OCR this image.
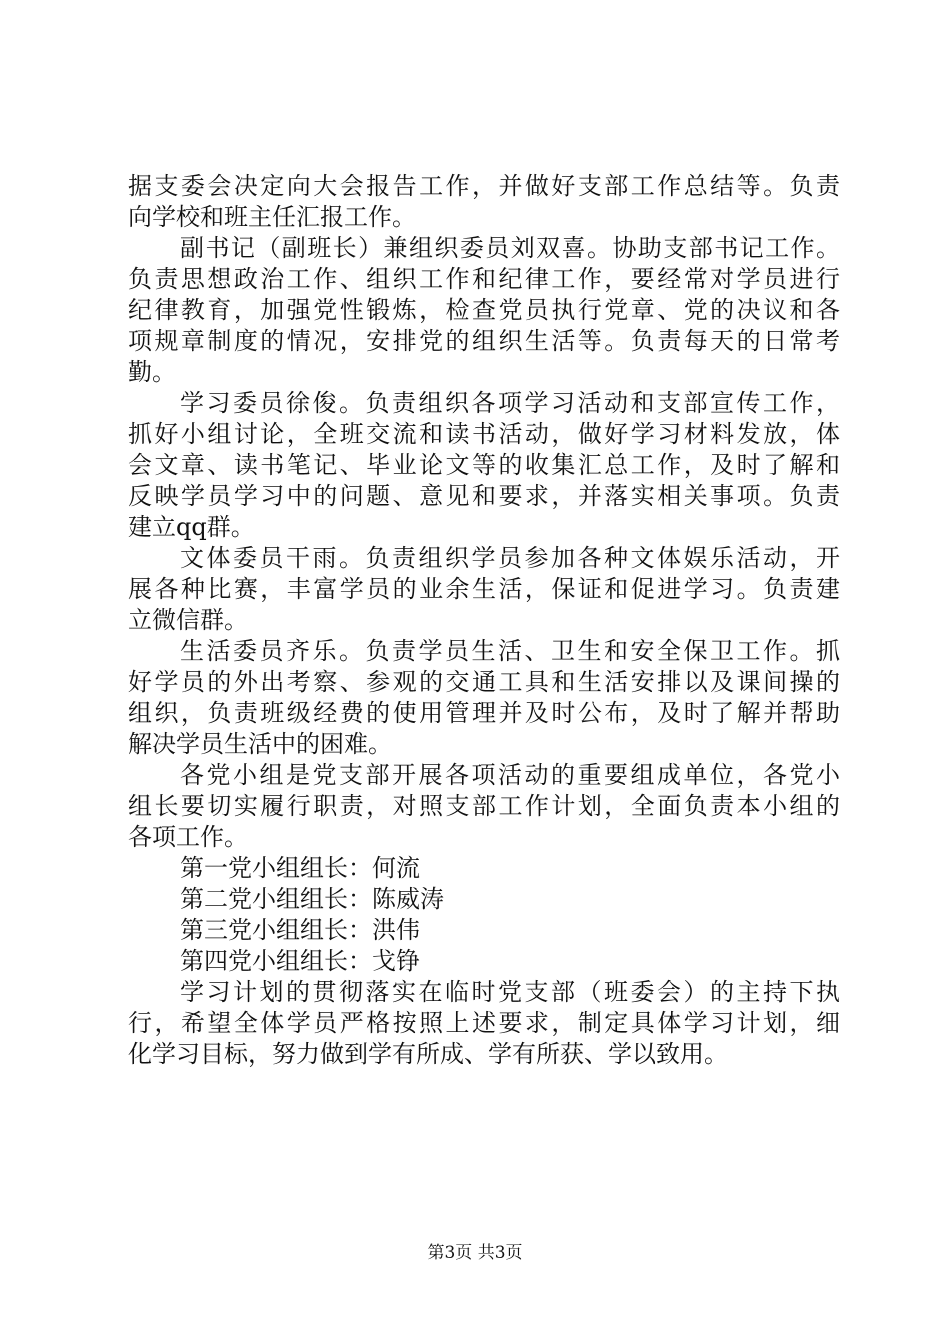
据支委会决定向大会报告工作，并做好支部工作总结等。负责
向学校和班主任汇报工作。
副书记（副班长）兼组织委员刘双喜。协助支部书记工作。
负责思想政治工作、组织工作和纪律工作，要经常对学员进行
纪律教育，加强党性锻炼，检查党员执行党章、党的决议和各
项规章制度的情况，安排党的组织生活等。负责每天的日常考
勤。
学习委员徐俊。负责组织各项学习活动和支部宣传工作，
抓好小组讨论，全班交流和读书活动，做好学习材料发放，体
会文章、读书笔记、毕业论文等的收集汇总工作，及时了解和
反映学员学习中的问题、意见和要求，并落实相关事项。负责
建立qq群。
文体委员干雨。负责组织学员参加各种文体娱乐活动，开
展各种比赛，丰富学员的业余生活，保证和促进学习。负责建
立微信群。
生活委员齐乐。负责学员生活、卫生和安全保卫工作。抓
好学员的外出考察、参观的交通工具和生活安排以及课间操的
组织，负责班级经费的使用管理并及时公布，及时了解并帮助
解决学员生活中的困难。
各党小组是党支部开展各项活动的重要组成单位，各党小
组长要切实履行职责，对照支部工作计划，全面负责本小组的
各项工作。
第一党小组组长：何流
第二党小组组长：陈威涛
第三党小组组长：洪伟
第四党小组组长：戈铮
学习计划的贯彻落实在临时党支部（班委会）的主持下执
行，希望全体学员严格按照上述要求，制定具体学习计划，细
化学习目标，努力做到学有所成、学有所获、学以致用。
第3页 共3页
